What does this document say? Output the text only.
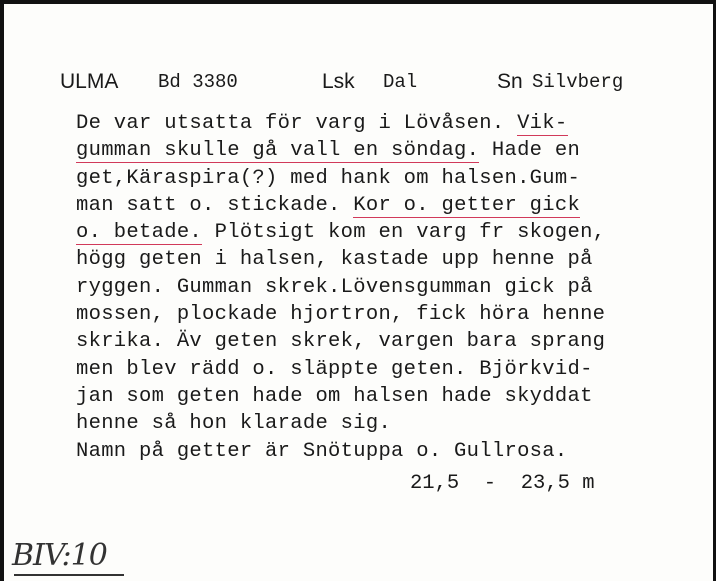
ULMA Bd 3380	Lsk Dal	Sn Silvberg
De var utsatta för varg i Lövåsen. Vik-
gumman skulle gå vall en söndag. Hade en
get,Käraspira(?) med hank om halsen.Gum-
man satt o. stickade. Kor o. getter gick
o. betade. Plötsigt kom en varg fr skogen,
högg geten i halsen, kastade upp henne på
ryggen. Gumman skrek.Lövensgumman gick på
mossen, plockade hjortron, fick höra henne
skrika. Äv geten skrek, vargen bara sprang
men blev rädd o. släppte geten. Björkvid-
jan som geten hade om halsen hade skyddat
henne så hon klarade sig.
Namn på getter är Snötuppa o. Gullrosa.
21,5  -  23,5 m
BIV:10
